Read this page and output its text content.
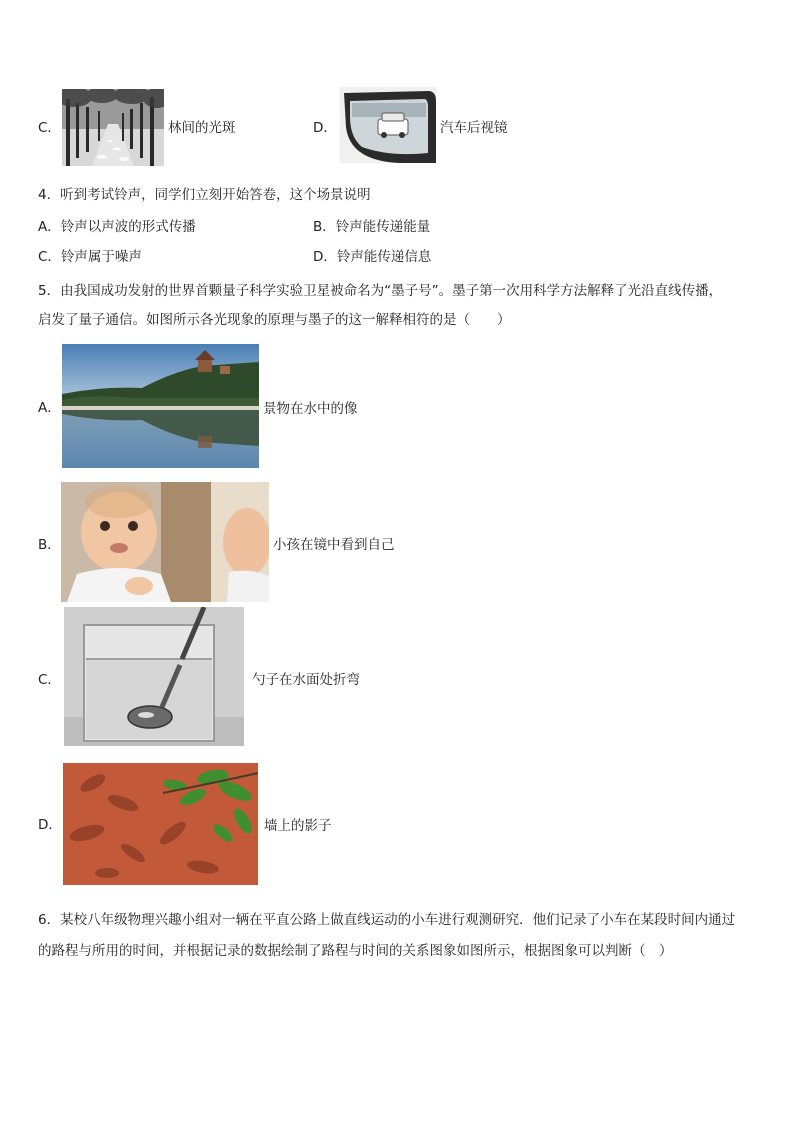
C．	林间的光斑	D．	汽车后视镜
4．听到考试铃声，同学们立刻开始答卷，这个场景说明
A．铃声以声波的形式传播	B．铃声能传递能量
C．铃声属于噪声	D．铃声能传递信息
5．由我国成功发射的世界首颗量子科学实验卫星被命名为“墨子号”。墨子第一次用科学方法解释了光沿直线传播，
启发了量子通信。如图所示各光现象的原理与墨子的这一解释相符的是（　　）
A．	景物在水中的像
B．	小孩在镜中看到自己
C．	勺子在水面处折弯
D．	墙上的影子
6．某校八年级物理兴趣小组对一辆在平直公路上做直线运动的小车进行观测研究．他们记录了小车在某段时间内通过
的路程与所用的时间，并根据记录的数据绘制了路程与时间的关系图象如图所示，根据图象可以判断（　）
